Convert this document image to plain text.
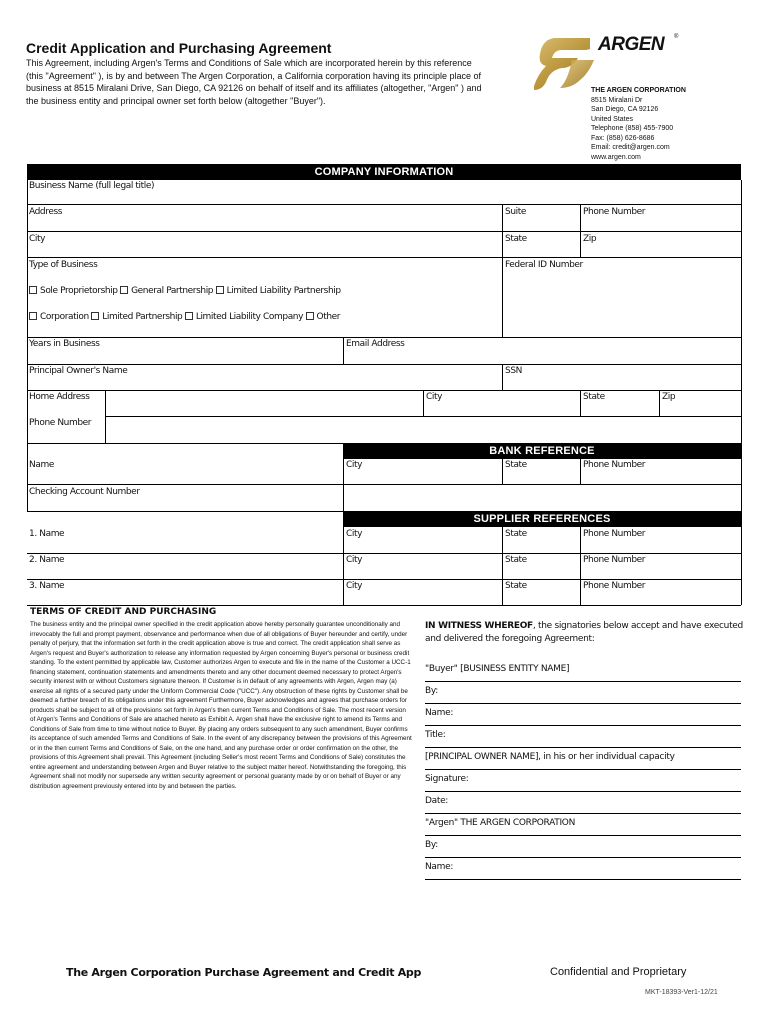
Credit Application and Purchasing Agreement
This Agreement, including Argen's Terms and Conditions of Sale which are incorporated herein by this reference (this "Agreement" ), is by and between The Argen Corporation, a California corporation having its principle place of business at 8515 Miralani Drive, San Diego, CA 92126 on behalf of itself and its affiliates (altogether, "Argen" ) and the business entity and principal owner set forth below (altogether "Buyer").
ARGEN ®
THE ARGEN CORPORATION
8515 Miralani Dr
San Diego, CA 92126
United States
Telephone (858) 455-7900
Fax: (858) 626-8686
Email: credit@argen.com
www.argen.com
COMPANY INFORMATION
Business Name (full legal title)
Address	Suite	Phone Number
City	State	Zip
Type of Business	Federal ID Number
Sole Proprietorship General Partnership Limited Liability Partnership
Corporation Limited Partnership Limited Liability Company Other
Years in Business	Email Address
Principal Owner's Name	SSN
Home Address	City	State	Zip
Phone Number
BANK REFERENCE
Name	City	State	Phone Number
Checking Account Number
SUPPLIER REFERENCES
1. Name	City	State	Phone Number
2. Name	City	State	Phone Number
3. Name	City	State	Phone Number
TERMS OF CREDIT AND PURCHASING
The business entity and the principal owner specified in the credit application above hereby personally guarantee unconditionally and irrevocably the full and prompt payment, observance and performance when due of all obligations of Buyer hereunder and certify, under penalty of perjury, that the information set forth in the credit application above is true and correct. The credit application shall serve as Argen's request and Buyer's authorization to release any information requested by Argen concerning Buyer's personal or business credit standing. To the extent permitted by applicable law, Customer authorizes Argen to execute and file in the name of the Customer a UCC-1 financing statement, continuation statements and amendments thereto and any other document deemed necessary to protect Argen's security interest with or without Customers signature thereon. If Customer is in default of any agreements with Argen, Argen may (a) exercise all rights of a secured party under the Uniform Commercial Code ("UCC"). Any obstruction of these rights by Customer shall be deemed a further breach of its obligations under this agreement Furthermore, Buyer acknowledges and agrees that purchase orders for products shall be subject to all of the provisions set forth in Argen's then current Terms and Conditions of Sale. The most recent version of Argen's Terms and Conditions of Sale are attached hereto as Exhibit A. Argen shall have the exclusive right to amend its Terms and Conditions of Sale from time to time without notice to Buyer. By placing any orders subsequent to any such amendment, Buyer confirms its acceptance of such amended Terms and Conditions of Sale. In the event of any discrepancy between the provisions of this Agreement or in the then current Terms and Conditions of Sale, on the one hand, and any purchase order or order confirmation on the other, the provisions of this Agreement shall prevail. This Agreement (including Seller's most recent Terms and Conditions of Sale) constitutes the entire agreement and understanding between Argen and Buyer relative to the subject matter hereof. Notwithstanding the foregoing, this Agreement shall not modify nor supersede any written security agreement or personal guaranty made by or on behalf of Buyer or any distribution agreement previously entered into by and between the parties.
IN WITNESS WHEREOF, the signatories below accept and have executed and delivered the foregoing Agreement:
"Buyer" [BUSINESS ENTITY NAME]
By:
Name:
Title:
[PRINCIPAL OWNER NAME], in his or her individual capacity
Signature:
Date:
"Argen" THE ARGEN CORPORATION
By:
Name:
The Argen Corporation Purchase Agreement and Credit App	Confidential and Proprietary
MKT-18393-Ver1-12/21
